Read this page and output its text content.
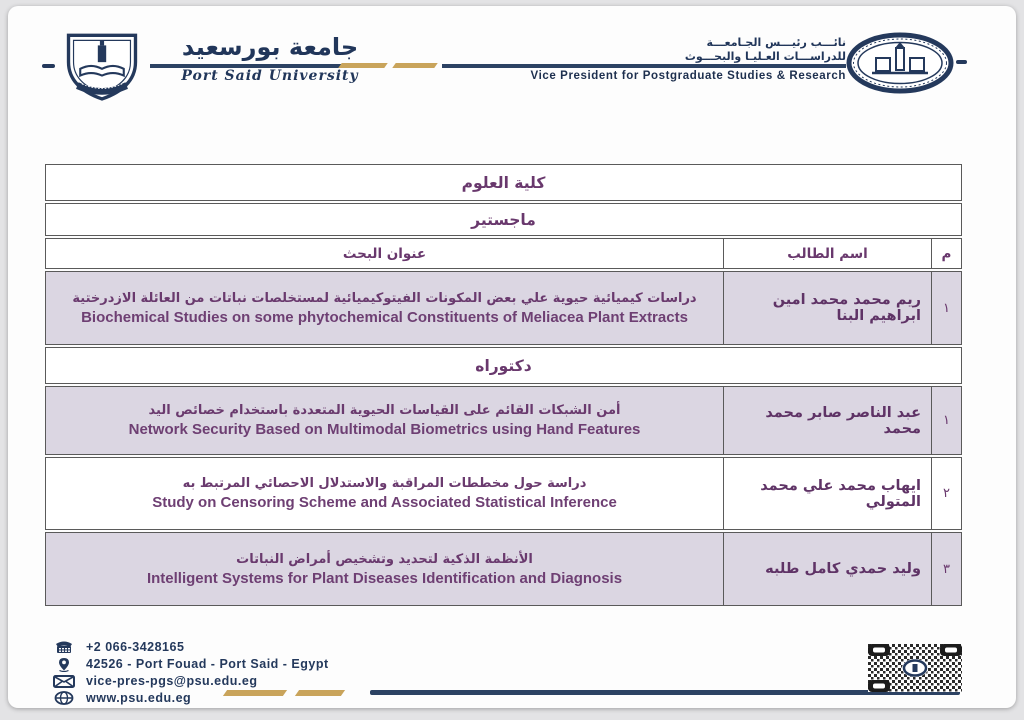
جامعة بورسعيد
Port Said University
نائـــب رئيـــس الجـامعـــة
للدراســـات العـليـا والبحـــوث
Vice President for Postgraduate Studies & Research
كلية العلوم
ماجستير
م
اسم الطالب
عنوان البحث
١
ريم محمد محمد امين ابراهيم البنا
دراسات كيميائية حيوية علي بعض المكونات الفيتوكيميائية لمستخلصات نباتات من العائلة الازدرختية
Biochemical Studies on some phytochemical Constituents of Meliacea Plant Extracts
دكتوراه
١
عبد الناصر صابر محمد محمد
أمن الشبكات القائم على القياسات الحيوية المتعددة باستخدام خصائص اليد
Network Security Based on Multimodal Biometrics using Hand Features
٢
ايهاب محمد علي محمد المتولي
دراسة حول مخططات المراقبة والاستدلال الاحصائي المرتبط به
Study on Censoring Scheme and Associated Statistical Inference
٣
وليد حمدي كامل طلبه
الأنظمة الذكية لتحديد وتشخيص أمراض النباتات
Intelligent Systems for Plant Diseases Identification and Diagnosis
+2 066-3428165
42526 - Port Fouad - Port Said - Egypt
vice-pres-pgs@psu.edu.eg
www.psu.edu.eg
